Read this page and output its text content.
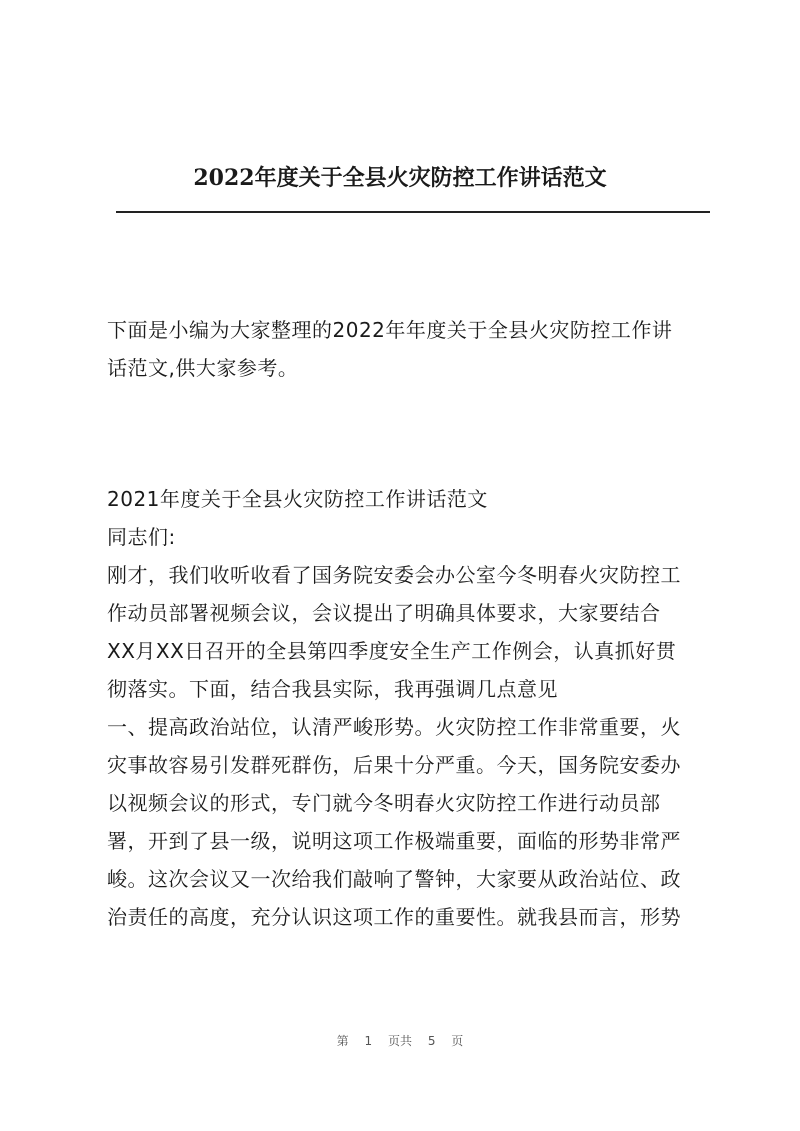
2022年度关于全县火灾防控工作讲话范文
下面是小编为大家整理的2022年年度关于全县火灾防控工作讲
话范文,供大家参考。
2021年度关于全县火灾防控工作讲话范文
同志们:
刚才，我们收听收看了国务院安委会办公室今冬明春火灾防控工
作动员部署视频会议，会议提出了明确具体要求，大家要结合
XX月XX日召开的全县第四季度安全生产工作例会，认真抓好贯
彻落实。下面，结合我县实际，我再强调几点意见
一、提高政治站位，认清严峻形势。火灾防控工作非常重要，火
灾事故容易引发群死群伤，后果十分严重。今天，国务院安委办
以视频会议的形式，专门就今冬明春火灾防控工作进行动员部
署，开到了县一级，说明这项工作极端重要，面临的形势非常严
峻。这次会议又一次给我们敲响了警钟，大家要从政治站位、政
治责任的高度，充分认识这项工作的重要性。就我县而言，形势
第 1 页共 5 页
